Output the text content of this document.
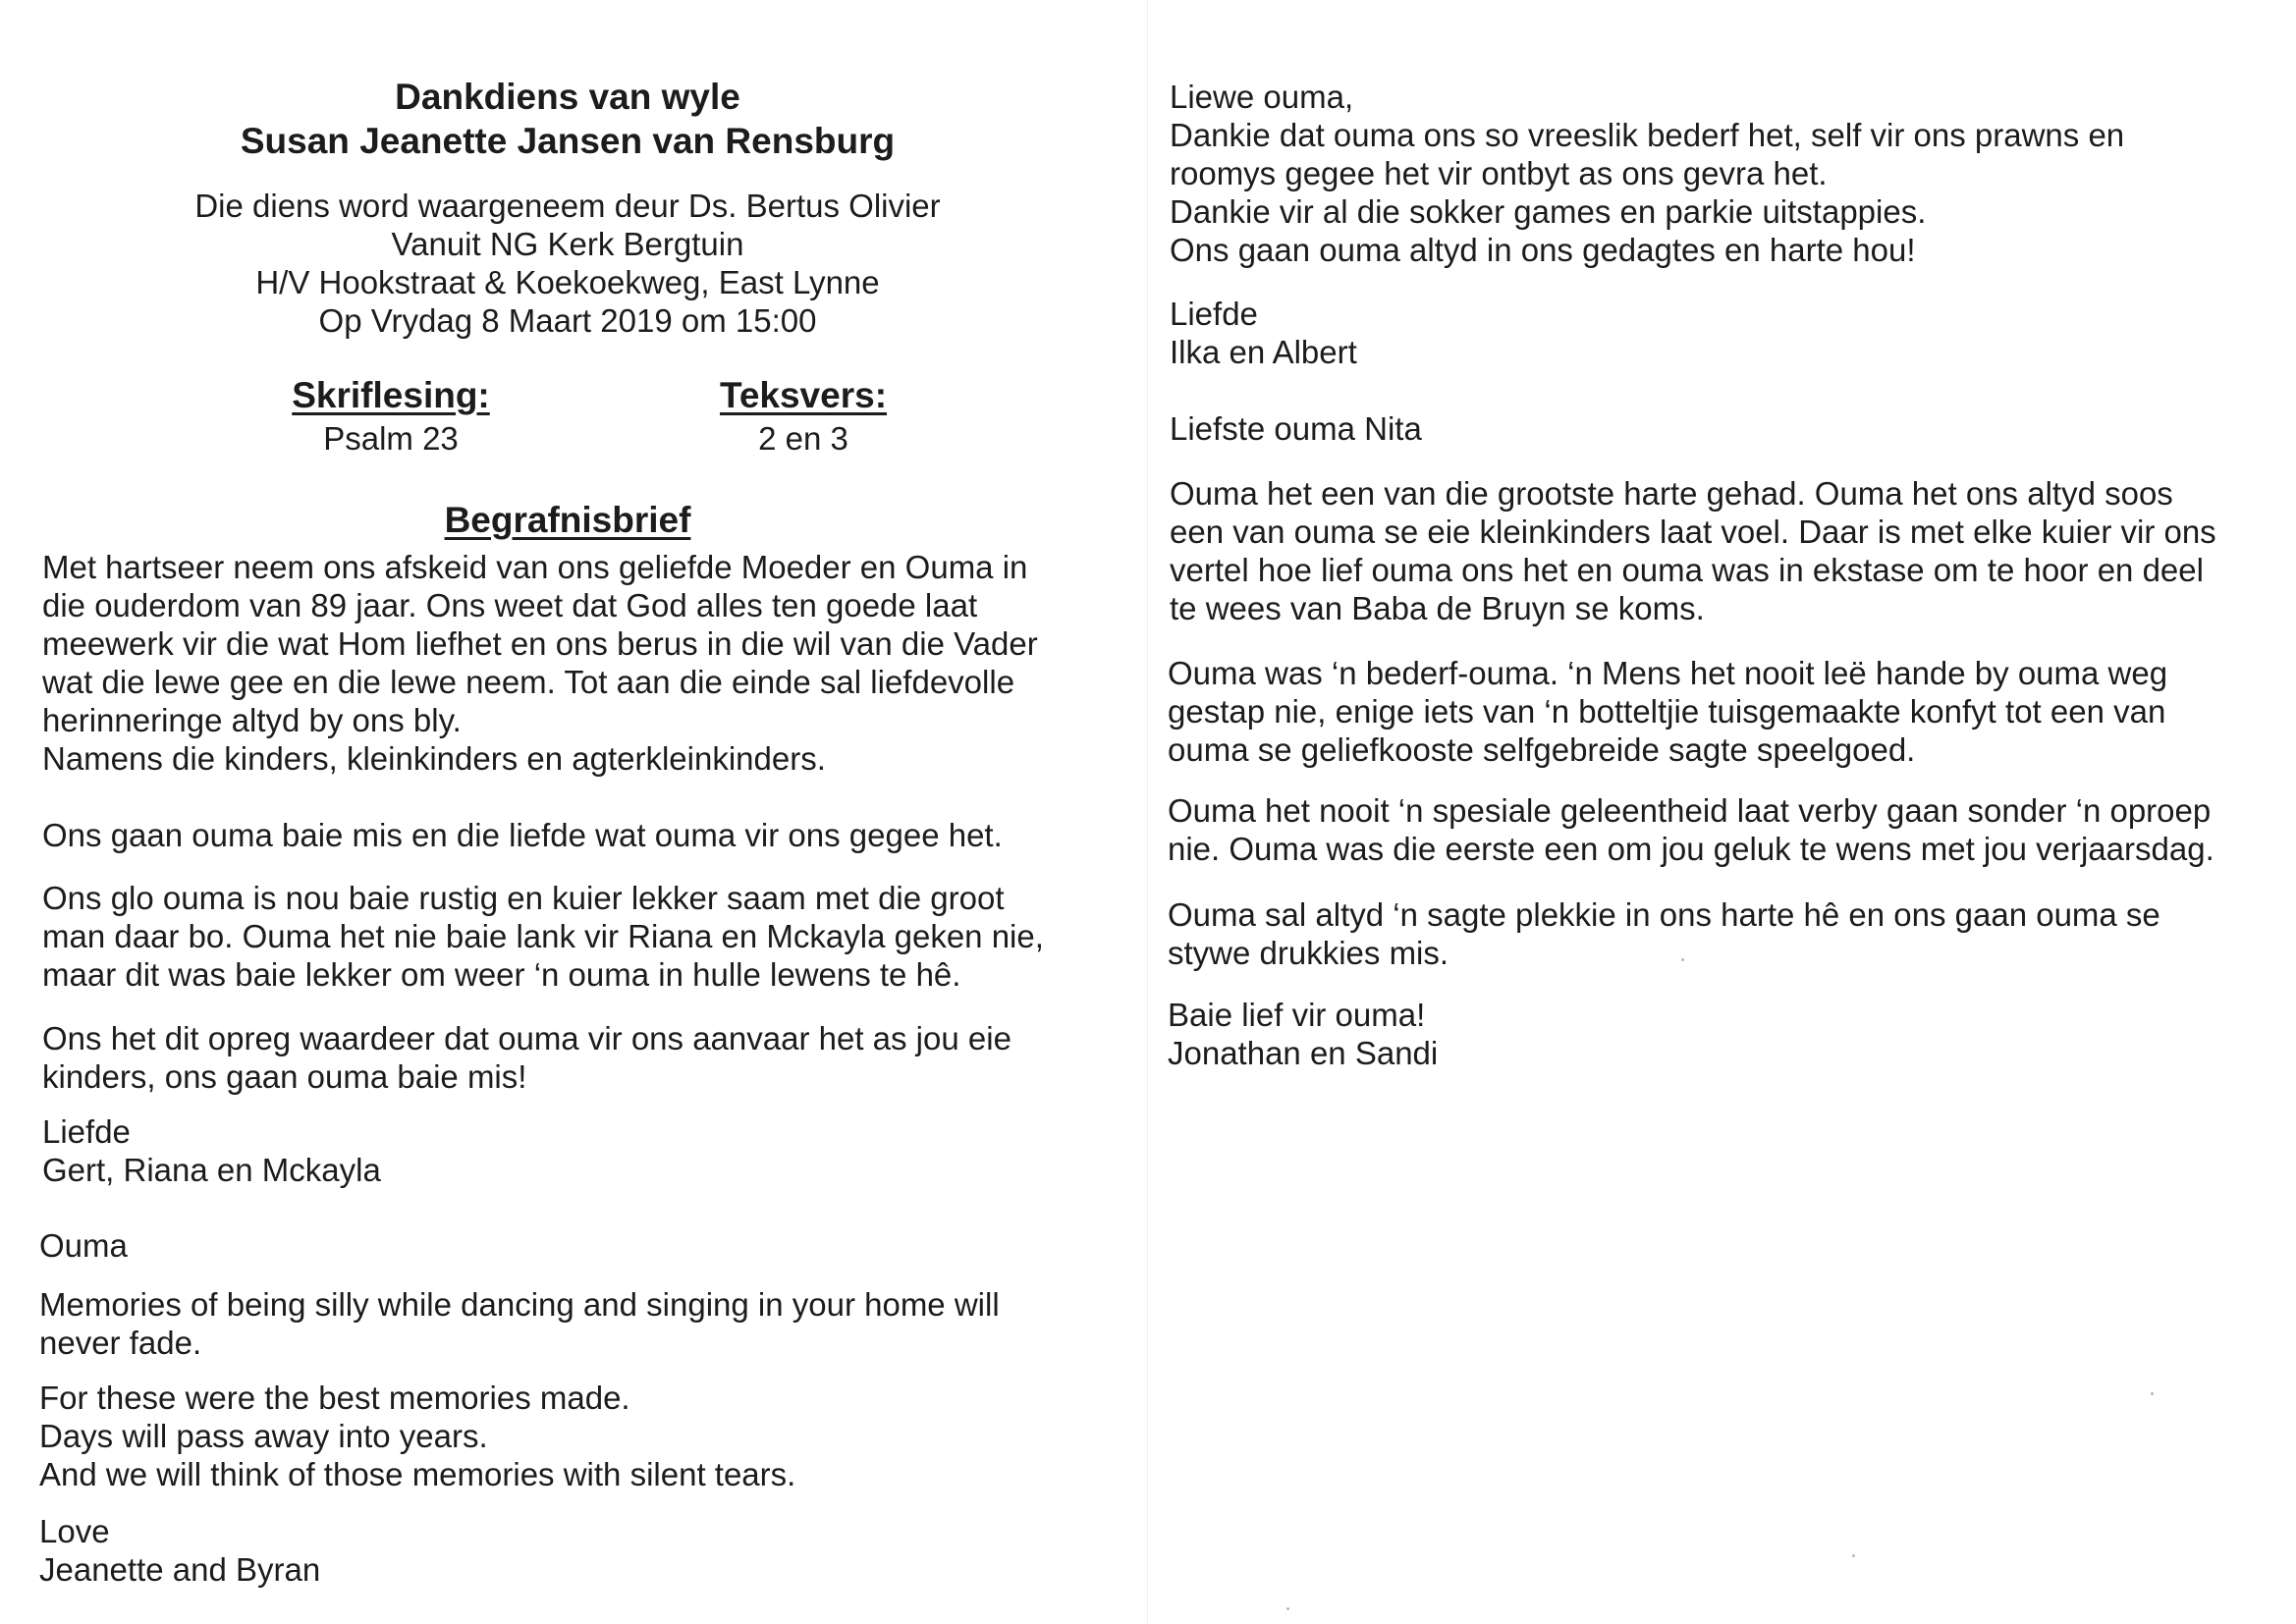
Dankdiens van wyle
Susan Jeanette Jansen van Rensburg
Die diens word waargeneem deur Ds. Bertus Olivier
Vanuit NG Kerk Bergtuin
H/V Hookstraat & Koekoekweg, East Lynne
Op Vrydag 8 Maart 2019 om 15:00
Skriflesing:
Psalm 23
Teksvers:
2 en 3
Begrafnisbrief
Met hartseer neem ons afskeid van ons geliefde Moeder en Ouma in
die ouderdom van 89 jaar. Ons weet dat God alles ten goede laat
meewerk vir die wat Hom liefhet en ons berus in die wil van die Vader
wat die lewe gee en die lewe neem. Tot aan die einde sal liefdevolle
herinneringe altyd by ons bly.
Namens die kinders, kleinkinders en agterkleinkinders.
Ons gaan ouma baie mis en die liefde wat ouma vir ons gegee het.
Ons glo ouma is nou baie rustig en kuier lekker saam met die groot
man daar bo. Ouma het nie baie lank vir Riana en Mckayla geken nie,
maar dit was baie lekker om weer ‘n ouma in hulle lewens te hê.
Ons het dit opreg waardeer dat ouma vir ons aanvaar het as jou eie
kinders, ons gaan ouma baie mis!
Liefde
Gert, Riana en Mckayla
Ouma
Memories of being silly while dancing and singing in your home will
never fade.
For these were the best memories made.
Days will pass away into years.
And we will think of those memories with silent tears.
Love
Jeanette and Byran
Liewe ouma,
Dankie dat ouma ons so vreeslik bederf het, self vir ons prawns en
roomys gegee het vir ontbyt as ons gevra het.
Dankie vir al die sokker games en parkie uitstappies.
Ons gaan ouma altyd in ons gedagtes en harte hou!
Liefde
Ilka en Albert
Liefste ouma Nita
Ouma het een van die grootste harte gehad. Ouma het ons altyd soos
een van ouma se eie kleinkinders laat voel. Daar is met elke kuier vir ons
vertel hoe lief ouma ons het en ouma was in ekstase om te hoor en deel
te wees van Baba de Bruyn se koms.
Ouma was ‘n bederf-ouma. ‘n Mens het nooit leë hande by ouma weg
gestap nie, enige iets van ‘n botteltjie tuisgemaakte konfyt tot een van
ouma se geliefkooste selfgebreide sagte speelgoed.
Ouma het nooit ‘n spesiale geleentheid laat verby gaan sonder ‘n oproep
nie. Ouma was die eerste een om jou geluk te wens met jou verjaarsdag.
Ouma sal altyd ‘n sagte plekkie in ons harte hê en ons gaan ouma se
stywe drukkies mis.
Baie lief vir ouma!
Jonathan en Sandi
